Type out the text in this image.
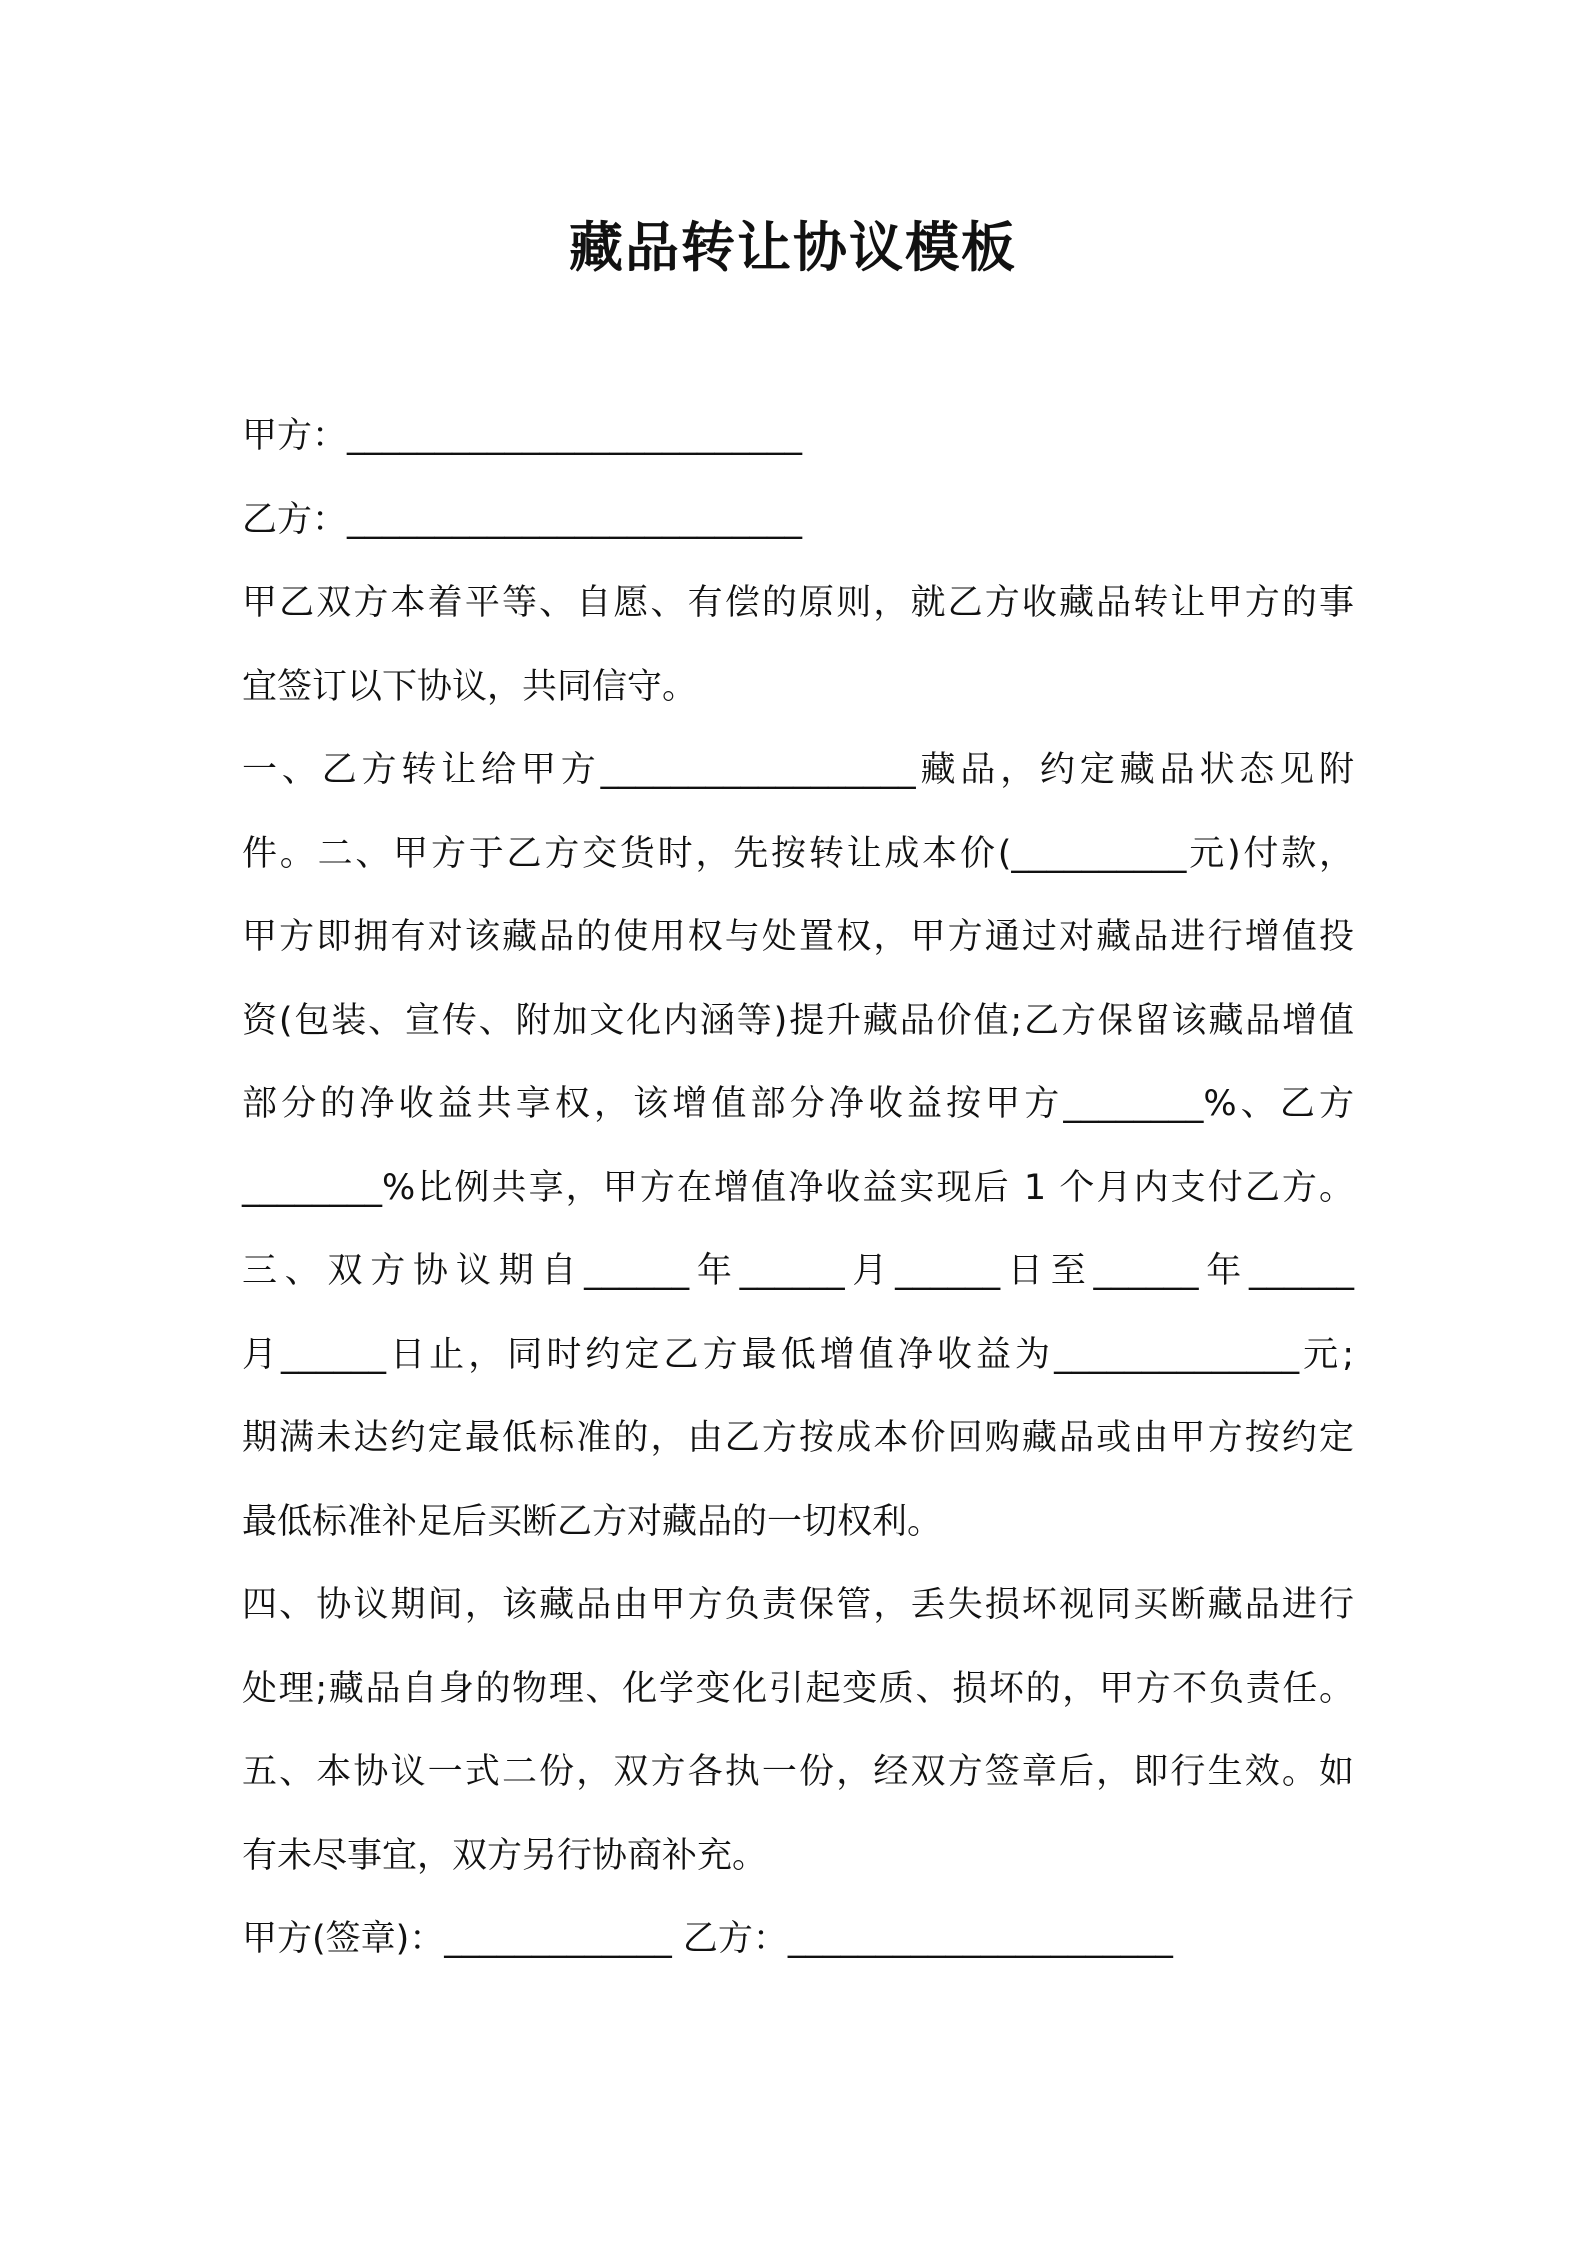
藏品转让协议模板
甲方：__________________________
乙方：__________________________
甲乙双方本着平等、自愿、有偿的原则，就乙方收藏品转让甲方的事
宜签订以下协议，共同信守。
一、乙方转让给甲方__________________藏品，约定藏品状态见附
件。二、甲方于乙方交货时，先按转让成本价(__________元)付款，
甲方即拥有对该藏品的使用权与处置权，甲方通过对藏品进行增值投
资(包装、宣传、附加文化内涵等)提升藏品价值;乙方保留该藏品增值
部分的净收益共享权，该增值部分净收益按甲方________%、乙方
________%比例共享，甲方在增值净收益实现后 1 个月内支付乙方。
三、双方协议期自______年______月______日至______年______
月______日止，同时约定乙方最低增值净收益为______________元;
期满未达约定最低标准的，由乙方按成本价回购藏品或由甲方按约定
最低标准补足后买断乙方对藏品的一切权利。
四、协议期间，该藏品由甲方负责保管，丢失损坏视同买断藏品进行
处理;藏品自身的物理、化学变化引起变质、损坏的，甲方不负责任。
五、本协议一式二份，双方各执一份，经双方签章后，即行生效。如
有未尽事宜，双方另行协商补充。
甲方(签章)：_____________ 乙方：______________________
